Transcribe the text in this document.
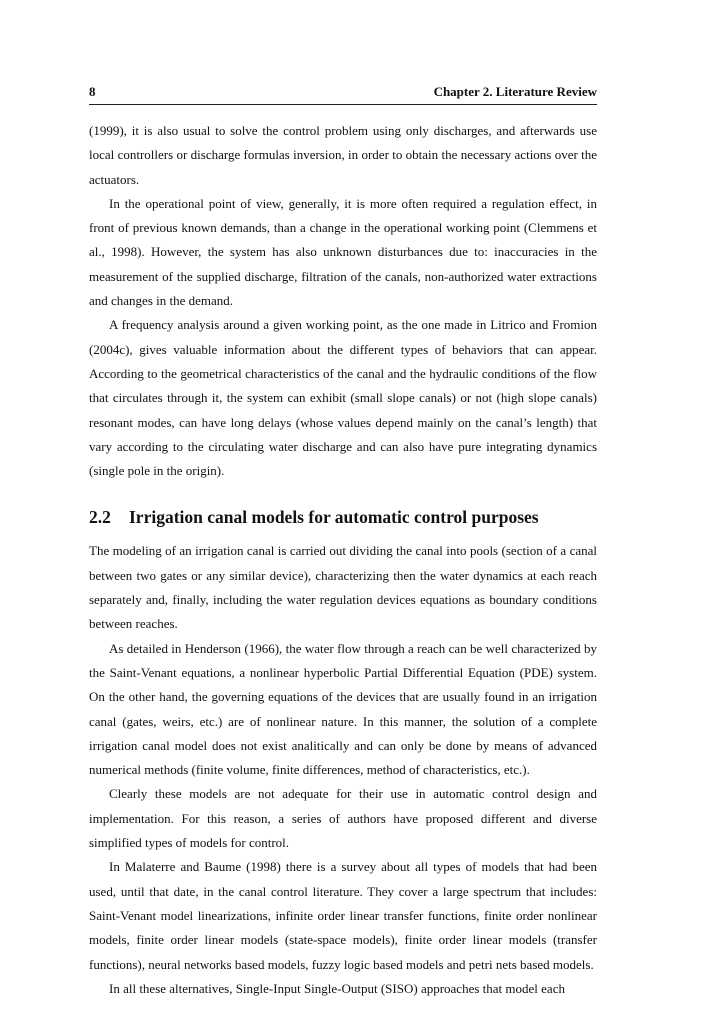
8	Chapter 2. Literature Review

(1999), it is also usual to solve the control problem using only discharges, and afterwards use local controllers or discharge formulas inversion, in order to obtain the necessary actions over the actuators.

In the operational point of view, generally, it is more often required a regulation effect, in front of previous known demands, than a change in the operational working point (Clemmens et al., 1998). However, the system has also unknown disturbances due to: inaccuracies in the measurement of the supplied discharge, filtration of the canals, non-authorized water extractions and changes in the demand.

A frequency analysis around a given working point, as the one made in Litrico and Fromion (2004c), gives valuable information about the different types of behaviors that can appear. According to the geometrical characteristics of the canal and the hydraulic conditions of the flow that circulates through it, the system can exhibit (small slope canals) or not (high slope canals) resonant modes, can have long delays (whose values depend mainly on the canal’s length) that vary according to the circulating water discharge and can also have pure integrating dynamics (single pole in the origin).

2.2	Irrigation canal models for automatic control purposes

The modeling of an irrigation canal is carried out dividing the canal into pools (section of a canal between two gates or any similar device), characterizing then the water dynamics at each reach separately and, finally, including the water regulation devices equations as boundary conditions between reaches.

As detailed in Henderson (1966), the water flow through a reach can be well characterized by the Saint-Venant equations, a nonlinear hyperbolic Partial Differential Equation (PDE) system. On the other hand, the governing equations of the devices that are usually found in an irrigation canal (gates, weirs, etc.) are of nonlinear nature. In this manner, the solution of a complete irrigation canal model does not exist analitically and can only be done by means of advanced numerical methods (finite volume, finite differences, method of characteristics, etc.).

Clearly these models are not adequate for their use in automatic control design and implementation. For this reason, a series of authors have proposed different and diverse simplified types of models for control.

In Malaterre and Baume (1998) there is a survey about all types of models that had been used, until that date, in the canal control literature. They cover a large spectrum that includes: Saint-Venant model linearizations, infinite order linear transfer functions, finite order nonlinear models, finite order linear models (state-space models), finite order linear models (transfer functions), neural networks based models, fuzzy logic based models and petri nets based models.

In all these alternatives, Single-Input Single-Output (SISO) approaches that model each
